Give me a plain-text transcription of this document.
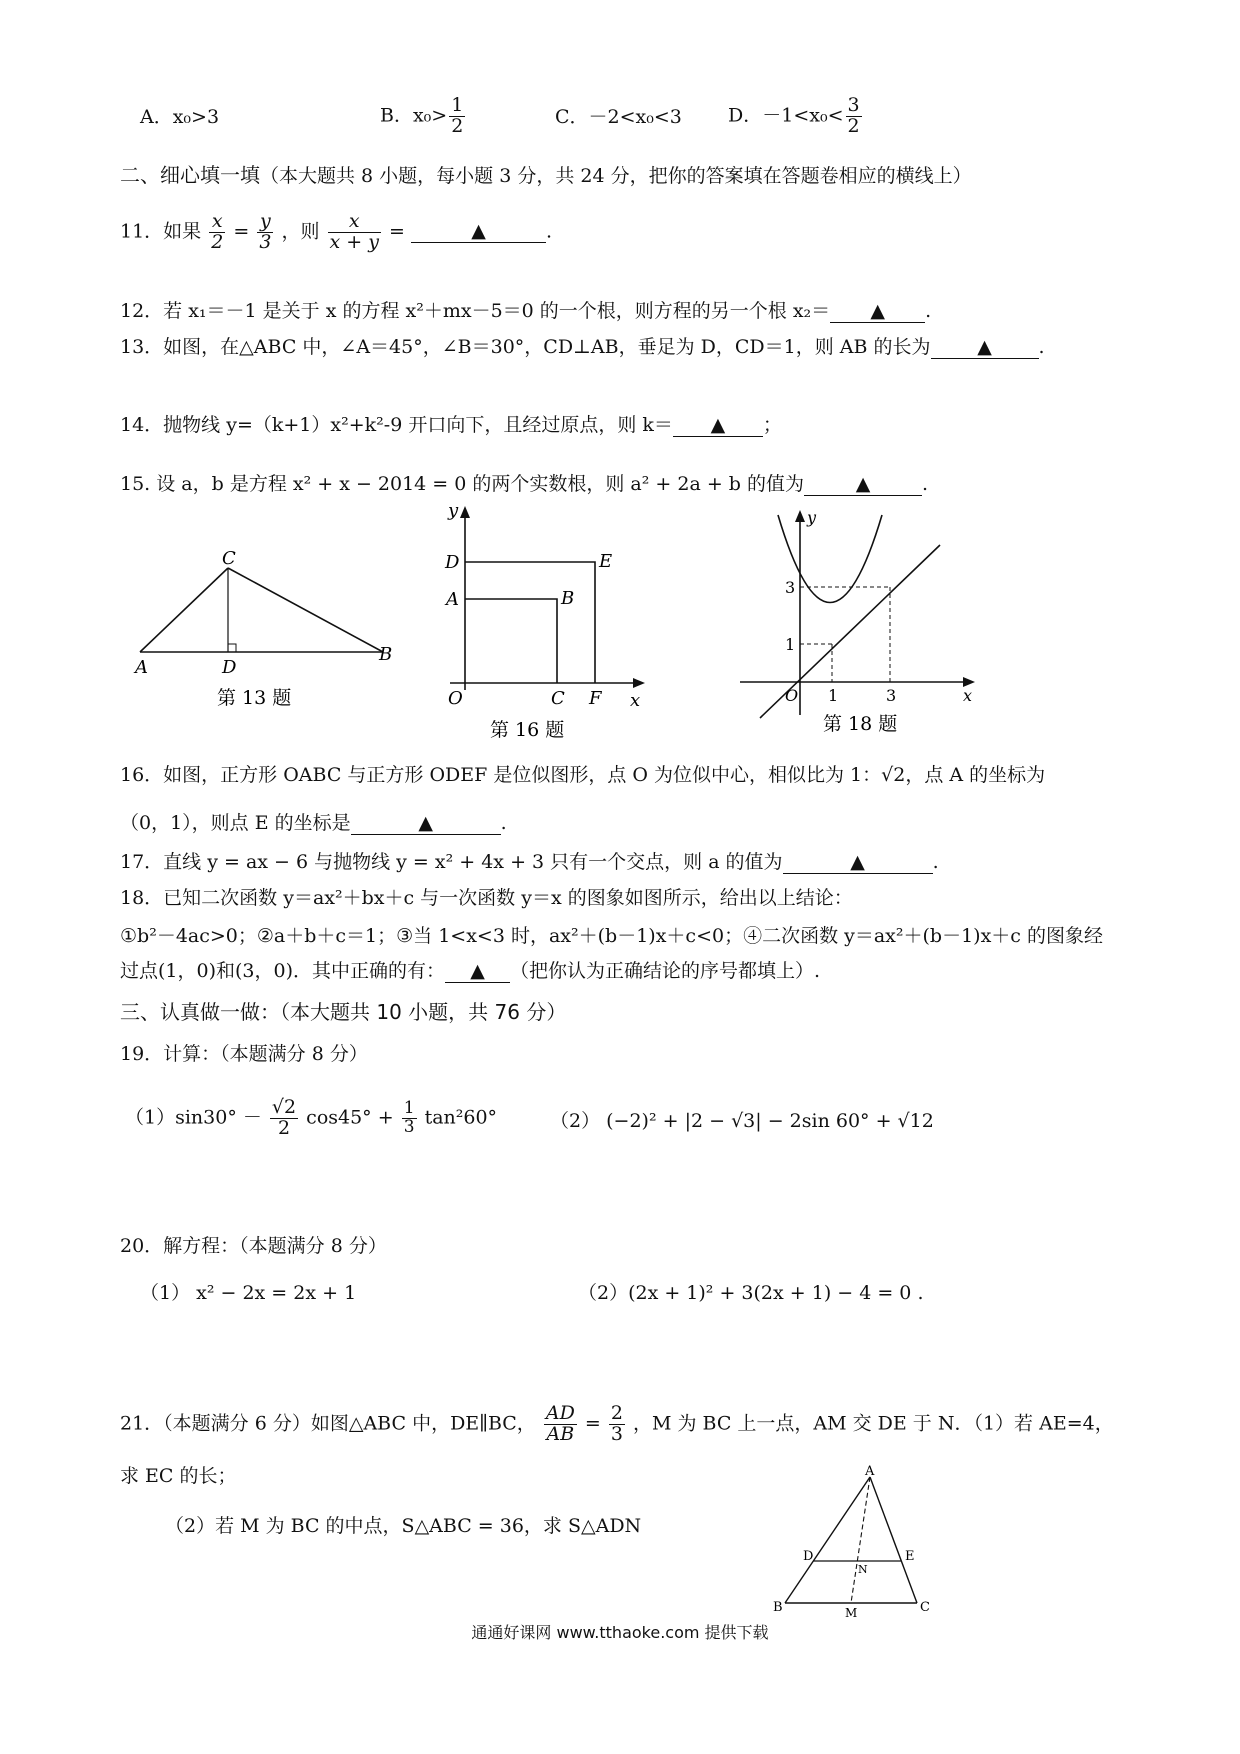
A．x₀>3	B．$x_0> \frac{1}{2}$	C．－2<x₀<3 D．$-1<x_0< \frac{3}{2}$
二、细心填一填（本大题共 8 小题，每小题 3 分，共 24 分，把你的答案填在答题卷相应的横线上）
11．如果 $\frac{x}{2} = \frac{y}{3}$ ，则 $\frac{x}{x + y}$ =	▲	.
12．若 x₁＝－1 是关于 x 的方程 x²＋mx－5＝0 的一个根，则方程的另一个根 x₂＝ ▲ .
13．如图，在△ABC 中，∠A＝45°，∠B＝30°，CD⊥AB，垂足为 D，CD＝1，则 AB 的长为 ▲ .
14．抛物线 y=（k+1）x²+k²-9 开口向下，且经过原点，则 k＝ ▲ ；
15. 设 a，b 是方程 x² + x − 2014 = 0 的两个实数根，则 a² + 2a + b 的值为	▲	.
C
A	D
B
第 13 题
y
D	E
A	B
O	C F x
第 16 题
y
3
1
O 1	3	x
第 18 题
16．如图，正方形 OABC 与正方形 ODEF 是位似图形，点 O 为位似中心，相似比为 1：√2，点 A 的坐标为
（0，1），则点 E 的坐标是	▲	.
17．直线 y = ax − 6 与抛物线 y = x² + 4x + 3 只有一个交点，则 a 的值为	▲	.
18．已知二次函数 y＝ax²＋bx＋c 与一次函数 y＝x 的图象如图所示，给出以上结论：
①b²－4ac>0；②a＋b＋c＝1；③当 1<x<3 时，ax²＋(b－1)x＋c<0；④二次函数 y＝ax²＋(b－1)x＋c 的图象经
过点(1，0)和(3，0)．其中正确的有： ▲ （把你认为正确结论的序号都填上）.
三、认真做一做：（本大题共 10 小题，共 76 分）
19．计算：（本题满分 8 分）
$(1)\sin 30^\circ - \frac{√2}{2} \cos 45^\circ + \frac{1}{3} \tan^260^\circ$	（2） (−2)² + |2 − √3| − 2sin 60° + √12
20．解方程：（本题满分 8 分）
（1） x² − 2x = 2x + 1	（2）(2x + 1)² + 3(2x + 1) − 4 = 0 .
21．（本题满分 6 分）如图△ABC 中，DE∥BC， $\frac{AD}{AB} = \frac{2}{3}$ ，M 为 BC 上一点，AM 交 DE 于 N．（1）若 AE=4，
求 EC 的长；
（2）若 M 为 BC 的中点，S△ABC = 36，求 S△ADN
A
D	E
N
B	M	C
通通好课网 www.tthaoke.com 提供下载
